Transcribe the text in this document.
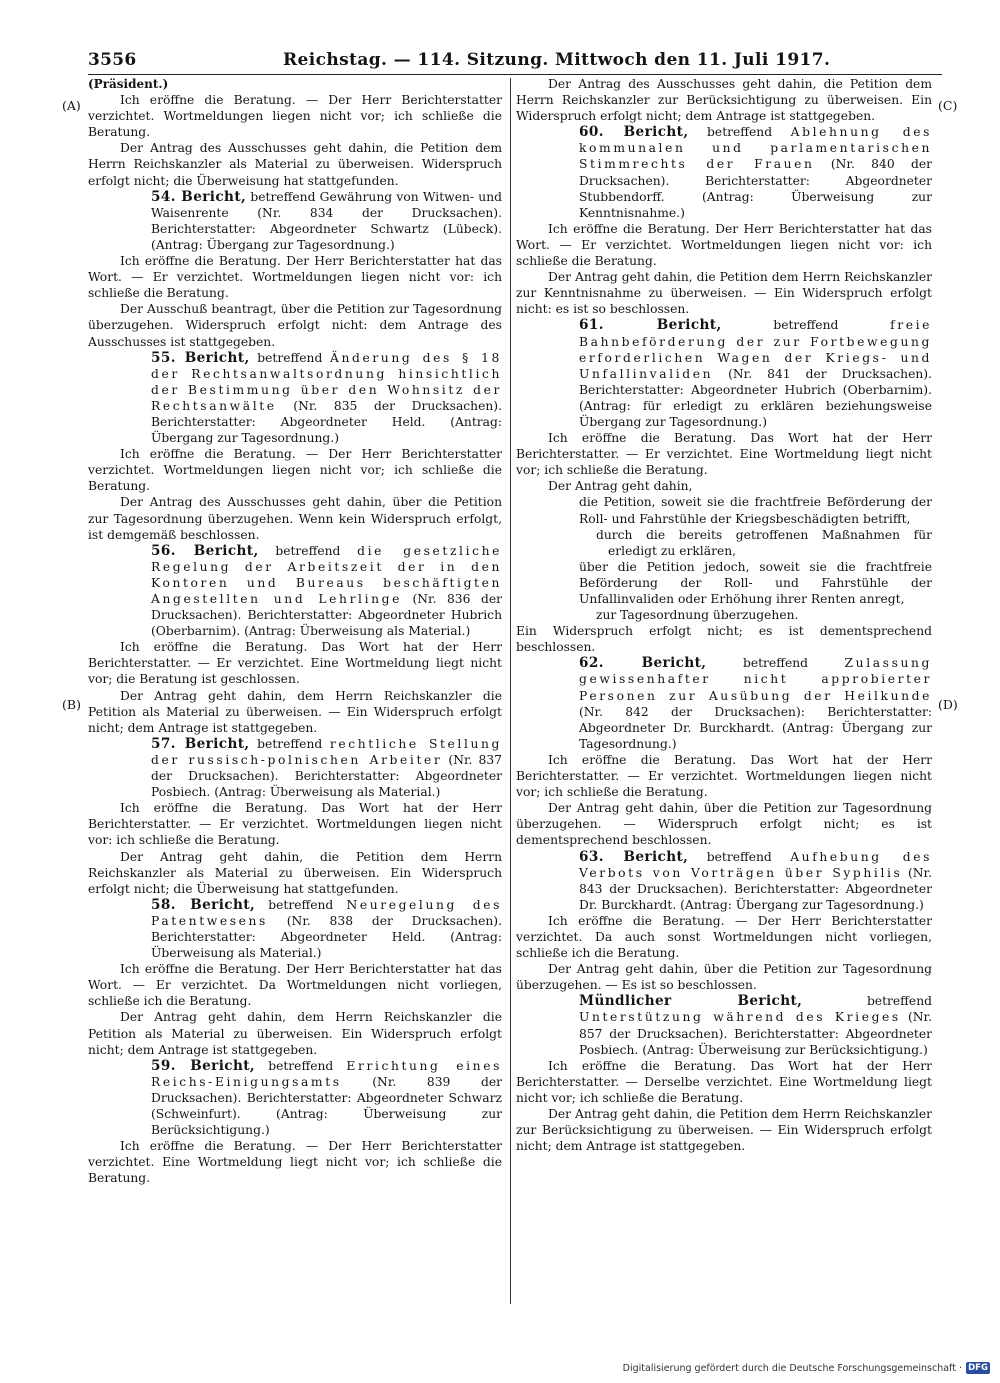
3556	Reichstag. — 114. Sitzung. Mittwoch den 11. Juli 1917.
(A)
(B)
(C)
(D)

(Präsident.)

Ich eröffne die Beratung. — Der Herr Berichterstatter verzichtet. Wortmeldungen liegen nicht vor; ich schließe die Beratung.

Der Antrag des Ausschusses geht dahin, die Petition dem Herrn Reichskanzler als Material zu überweisen. Widerspruch erfolgt nicht; die Überweisung hat stattgefunden.

54. Bericht, betreffend Gewährung von Witwen- und Waisenrente (Nr. 834 der Drucksachen). Berichterstatter: Abgeordneter Schwartz (Lübeck). (Antrag: Übergang zur Tagesordnung.)

Ich eröffne die Beratung. Der Herr Berichterstatter hat das Wort. — Er verzichtet. Wortmeldungen liegen nicht vor: ich schließe die Beratung.

Der Ausschuß beantragt, über die Petition zur Tagesordnung überzugehen. Widerspruch erfolgt nicht: dem Antrage des Ausschusses ist stattgegeben.

55. Bericht, betreffend Änderung des § 18 der Rechtsanwaltsordnung hinsichtlich der Bestimmung über den Wohnsitz der Rechtsanwälte (Nr. 835 der Drucksachen). Berichterstatter: Abgeordneter Held. (Antrag: Übergang zur Tagesordnung.)

Ich eröffne die Beratung. — Der Herr Berichterstatter verzichtet. Wortmeldungen liegen nicht vor; ich schließe die Beratung.

Der Antrag des Ausschusses geht dahin, über die Petition zur Tagesordnung überzugehen. Wenn kein Widerspruch erfolgt, ist demgemäß beschlossen.

56. Bericht, betreffend die gesetzliche Regelung der Arbeitszeit der in den Kontoren und Bureaus beschäftigten Angestellten und Lehrlinge (Nr. 836 der Drucksachen). Berichterstatter: Abgeordneter Hubrich (Oberbarnim). (Antrag: Überweisung als Material.)

Ich eröffne die Beratung. Das Wort hat der Herr Berichterstatter. — Er verzichtet. Eine Wortmeldung liegt nicht vor; die Beratung ist geschlossen.

Der Antrag geht dahin, dem Herrn Reichskanzler die Petition als Material zu überweisen. — Ein Widerspruch erfolgt nicht; dem Antrage ist stattgegeben.

57. Bericht, betreffend rechtliche Stellung der russisch-polnischen Arbeiter (Nr. 837 der Drucksachen). Berichterstatter: Abgeordneter Posbiech. (Antrag: Überweisung als Material.)

Ich eröffne die Beratung. Das Wort hat der Herr Berichterstatter. — Er verzichtet. Wortmeldungen liegen nicht vor: ich schließe die Beratung.

Der Antrag geht dahin, die Petition dem Herrn Reichskanzler als Material zu überweisen. Ein Widerspruch erfolgt nicht; die Überweisung hat stattgefunden.

58. Bericht, betreffend Neuregelung des Patentwesens (Nr. 838 der Drucksachen). Berichterstatter: Abgeordneter Held. (Antrag: Überweisung als Material.)

Ich eröffne die Beratung. Der Herr Berichterstatter hat das Wort. — Er verzichtet. Da Wortmeldungen nicht vorliegen, schließe ich die Beratung.

Der Antrag geht dahin, dem Herrn Reichskanzler die Petition als Material zu überweisen. Ein Widerspruch erfolgt nicht; dem Antrage ist stattgegeben.

59. Bericht, betreffend Errichtung eines Reichs-Einigungsamts (Nr. 839 der Drucksachen). Berichterstatter: Abgeordneter Schwarz (Schweinfurt). (Antrag: Überweisung zur Berücksichtigung.)

Ich eröffne die Beratung. — Der Herr Berichterstatter verzichtet. Eine Wortmeldung liegt nicht vor; ich schließe die Beratung.

Der Antrag des Ausschusses geht dahin, die Petition dem Herrn Reichskanzler zur Berücksichtigung zu überweisen. Ein Widerspruch erfolgt nicht; dem Antrage ist stattgegeben.

60. Bericht, betreffend Ablehnung des kommunalen und parlamentarischen Stimmrechts der Frauen (Nr. 840 der Drucksachen). Berichterstatter: Abgeordneter Stubbendorff. (Antrag: Überweisung zur Kenntnisnahme.)

Ich eröffne die Beratung. Der Herr Berichterstatter hat das Wort. — Er verzichtet. Wortmeldungen liegen nicht vor: ich schließe die Beratung.

Der Antrag geht dahin, die Petition dem Herrn Reichskanzler zur Kenntnisnahme zu überweisen. — Ein Widerspruch erfolgt nicht: es ist so beschlossen.

61. Bericht, betreffend freie Bahnbeförderung der zur Fortbewegung erforderlichen Wagen der Kriegs- und Unfallinvaliden (Nr. 841 der Drucksachen). Berichterstatter: Abgeordneter Hubrich (Oberbarnim). (Antrag: für erledigt zu erklären beziehungsweise Übergang zur Tagesordnung.)

Ich eröffne die Beratung. Das Wort hat der Herr Berichterstatter. — Er verzichtet. Eine Wortmeldung liegt nicht vor; ich schließe die Beratung.

Der Antrag geht dahin,

die Petition, soweit sie die frachtfreie Beförderung der Roll- und Fahrstühle der Kriegsbeschädigten betrifft,

durch die bereits getroffenen Maßnahmen für erledigt zu erklären,

über die Petition jedoch, soweit sie die frachtfreie Beförderung der Roll- und Fahrstühle der Unfallinvaliden oder Erhöhung ihrer Renten anregt,

zur Tagesordnung überzugehen.

Ein Widerspruch erfolgt nicht; es ist dementsprechend beschlossen.

62. Bericht, betreffend Zulassung gewissenhafter nicht approbierter Personen zur Ausübung der Heilkunde (Nr. 842 der Drucksachen): Berichterstatter: Abgeordneter Dr. Burckhardt. (Antrag: Übergang zur Tagesordnung.)

Ich eröffne die Beratung. Das Wort hat der Herr Berichterstatter. — Er verzichtet. Wortmeldungen liegen nicht vor; ich schließe die Beratung.

Der Antrag geht dahin, über die Petition zur Tagesordnung überzugehen. — Widerspruch erfolgt nicht; es ist dementsprechend beschlossen.

63. Bericht, betreffend Aufhebung des Verbots von Vorträgen über Syphilis (Nr. 843 der Drucksachen). Berichterstatter: Abgeordneter Dr. Burckhardt. (Antrag: Übergang zur Tagesordnung.)

Ich eröffne die Beratung. — Der Herr Berichterstatter verzichtet. Da auch sonst Wortmeldungen nicht vorliegen, schließe ich die Beratung.

Der Antrag geht dahin, über die Petition zur Tagesordnung überzugehen. — Es ist so beschlossen.

Mündlicher Bericht, betreffend Unterstützung während des Krieges (Nr. 857 der Drucksachen). Berichterstatter: Abgeordneter Posbiech. (Antrag: Überweisung zur Berücksichtigung.)

Ich eröffne die Beratung. Das Wort hat der Herr Berichterstatter. — Derselbe verzichtet. Eine Wortmeldung liegt nicht vor; ich schließe die Beratung.

Der Antrag geht dahin, die Petition dem Herrn Reichskanzler zur Berücksichtigung zu überweisen. — Ein Widerspruch erfolgt nicht; dem Antrage ist stattgegeben.

Digitalisierung gefördert durch die Deutsche Forschungsgemeinschaft · DFG
